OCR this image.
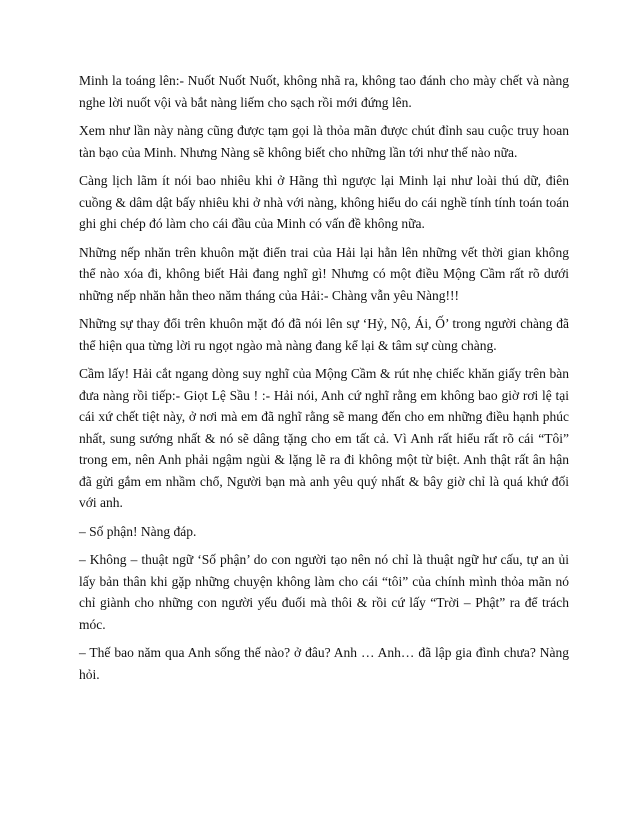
Minh la toáng lên:- Nuốt Nuốt Nuốt, không nhã ra, không tao đánh cho mày chết và nàng nghe lời nuốt vội và bắt nàng liếm cho sạch rồi mới đứng lên.

Xem như lần này nàng cũng được tạm gọi là thỏa mãn được chút đỉnh sau cuộc truy hoan tàn bạo của Minh. Nhưng Nàng sẽ không biết cho những lần tới như thế nào nữa.

Càng lịch lãm ít nói bao nhiêu khi ở Hãng thì ngược lại Minh lại như loài thú dữ, điên cuồng & dâm dật bấy nhiêu khi ở nhà với nàng, không hiểu do cái nghề tính tính toán toán ghi ghi chép đó làm cho cái đầu của Minh có vấn đề không nữa.

Những nếp nhăn trên khuôn mặt điển trai của Hải lại hằn lên những vết thời gian không thể nào xóa đi, không biết Hải đang nghĩ gì! Nhưng có một điều Mộng Cầm rất rõ dưới những nếp nhăn hằn theo năm tháng của Hải:- Chàng vẫn yêu Nàng!!!

Những sự thay đổi trên khuôn mặt đó đã nói lên sự ‘Hỷ, Nộ, Ái, Ố’ trong người chàng đã thể hiện qua từng lời ru ngọt ngào mà nàng đang kể lại & tâm sự cùng chàng.

Cầm lấy! Hải cắt ngang dòng suy nghĩ của Mộng Cầm & rút nhẹ chiếc khăn giấy trên bàn đưa nàng rồi tiếp:- Giọt Lệ Sầu ! :- Hải nói, Anh cứ nghĩ rằng em không bao giờ rơi lệ tại cái xứ chết tiệt này, ở nơi mà em đã nghĩ rằng sẽ mang đến cho em những điều hạnh phúc nhất, sung sướng nhất & nó sẽ dâng tặng cho em tất cả. Vì Anh rất hiểu rất rõ cái “Tôi” trong em, nên Anh phải ngậm ngùi & lặng lẽ ra đi không một từ biệt. Anh thật rất ân hận đã gửi gắm em nhầm chổ, Người bạn mà anh yêu quý nhất & bây giờ chỉ là quá khứ đối với anh.

– Số phận! Nàng đáp.

– Không – thuật ngữ ‘Số phận’ do con người tạo nên nó chỉ là thuật ngữ hư cấu, tự an ủi lấy bản thân khi gặp những chuyện không làm cho cái “tôi” của chính mình thỏa mãn nó chỉ giành cho những con người yếu đuối mà thôi & rồi cứ lấy “Trời – Phật” ra để trách móc.

– Thế bao năm qua Anh sống thế nào? ở đâu? Anh … Anh… đã lập gia đình chưa? Nàng hỏi.
